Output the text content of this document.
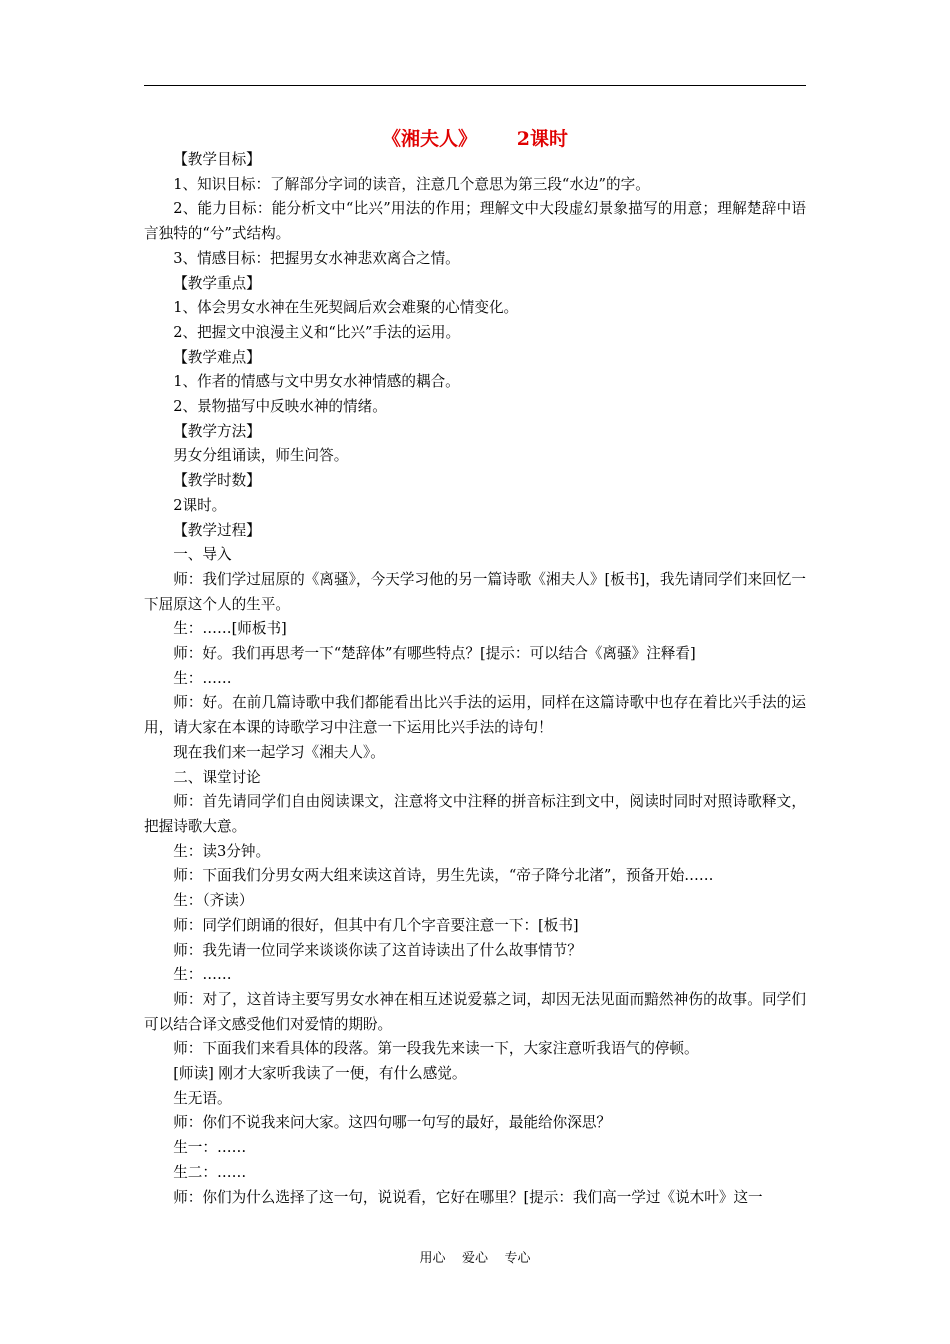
《湘夫人》      2课时

【教学目标】

1、知识目标：了解部分字词的读音，注意几个意思为第三段“水边”的字。

2、能力目标：能分析文中“比兴”用法的作用；理解文中大段虚幻景象描写的用意；理解楚辞中语言独特的“兮”式结构。

3、情感目标：把握男女水神悲欢离合之情。

【教学重点】

1、体会男女水神在生死契阔后欢会难聚的心情变化。

2、把握文中浪漫主义和“比兴”手法的运用。

【教学难点】

1、作者的情感与文中男女水神情感的耦合。

2、景物描写中反映水神的情绪。

【教学方法】

男女分组诵读，师生问答。

【教学时数】

2课时。

【教学过程】

一、导入

师：我们学过屈原的《离骚》，今天学习他的另一篇诗歌《湘夫人》[板书]，我先请同学们来回忆一下屈原这个人的生平。

生：……[师板书]

师：好。我们再思考一下“楚辞体”有哪些特点？[提示：可以结合《离骚》注释看]

生：……

师：好。在前几篇诗歌中我们都能看出比兴手法的运用，同样在这篇诗歌中也存在着比兴手法的运用，请大家在本课的诗歌学习中注意一下运用比兴手法的诗句！

现在我们来一起学习《湘夫人》。

二、课堂讨论

师：首先请同学们自由阅读课文，注意将文中注释的拼音标注到文中，阅读时同时对照诗歌释文，把握诗歌大意。

生：读3分钟。

师：下面我们分男女两大组来读这首诗，男生先读，“帝子降兮北渚”，预备开始……

生：（齐读）

师：同学们朗诵的很好，但其中有几个字音要注意一下：[板书]

师：我先请一位同学来谈谈你读了这首诗读出了什么故事情节？

生：……

师：对了，这首诗主要写男女水神在相互述说爱慕之词，却因无法见面而黯然神伤的故事。同学们可以结合译文感受他们对爱情的期盼。

师：下面我们来看具体的段落。第一段我先来读一下，大家注意听我语气的停顿。

[师读] 刚才大家听我读了一便，有什么感觉。

生无语。

师：你们不说我来问大家。这四句哪一句写的最好，最能给你深思？

生一：……

生二：……

师：你们为什么选择了这一句，说说看，它好在哪里？[提示：我们高一学过《说木叶》这一

用心    爱心    专心
